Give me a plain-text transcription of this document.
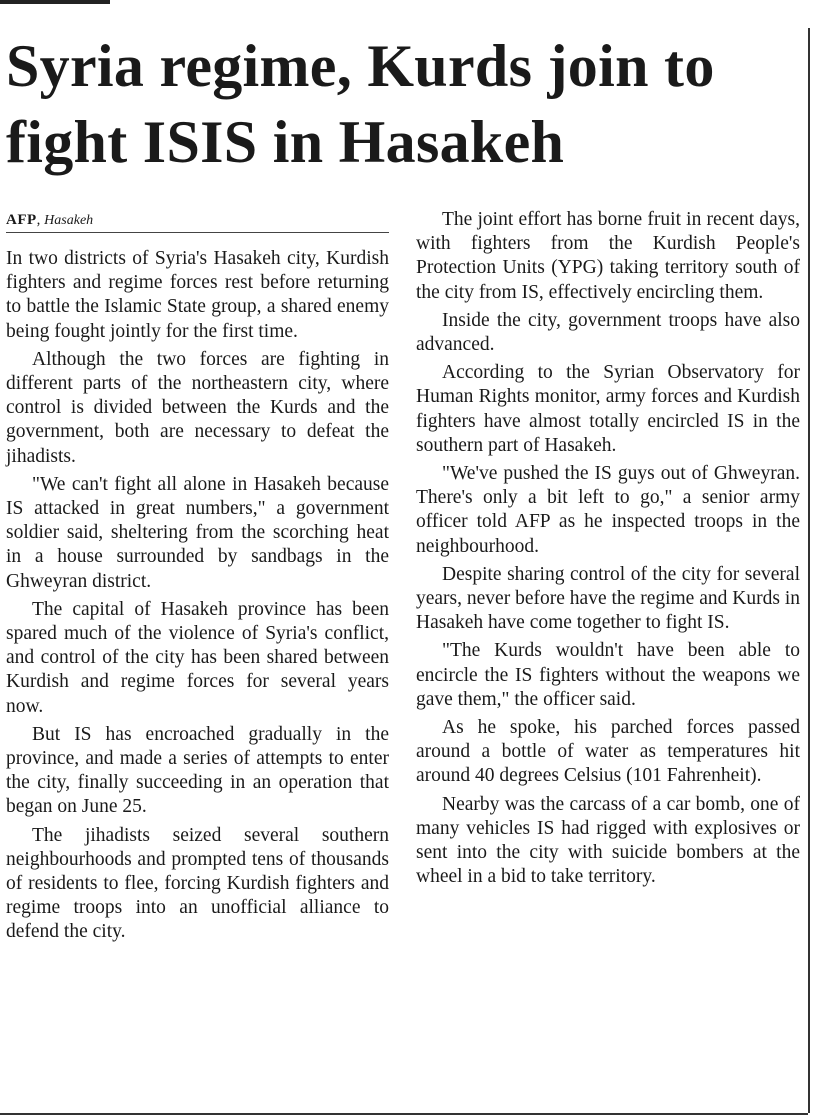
Syria regime, Kurds join to fight ISIS in Hasakeh
AFP, Hasakeh

In two districts of Syria's Hasakeh city, Kurdish fighters and regime forces rest before returning to battle the Islamic State group, a shared enemy being fought jointly for the first time.

Although the two forces are fighting in different parts of the northeastern city, where control is divided between the Kurds and the government, both are necessary to defeat the jihadists.

"We can't fight all alone in Hasakeh because IS attacked in great numbers," a government soldier said, sheltering from the scorching heat in a house surrounded by sandbags in the Ghweyran district.

The capital of Hasakeh province has been spared much of the violence of Syria's conflict, and control of the city has been shared between Kurdish and regime forces for several years now.

But IS has encroached gradually in the province, and made a series of attempts to enter the city, finally succeeding in an operation that began on June 25.

The jihadists seized several southern neighbourhoods and prompted tens of thousands of residents to flee, forcing Kurdish fighters and regime troops into an unofficial alliance to defend the city.

The joint effort has borne fruit in recent days, with fighters from the Kurdish People's Protection Units (YPG) taking territory south of the city from IS, effectively encircling them.

Inside the city, government troops have also advanced.

According to the Syrian Observatory for Human Rights monitor, army forces and Kurdish fighters have almost totally encircled IS in the southern part of Hasakeh.

"We've pushed the IS guys out of Ghweyran. There's only a bit left to go," a senior army officer told AFP as he inspected troops in the neighbourhood.

Despite sharing control of the city for several years, never before have the regime and Kurds in Hasakeh have come together to fight IS.

"The Kurds wouldn't have been able to encircle the IS fighters without the weapons we gave them," the officer said.

As he spoke, his parched forces passed around a bottle of water as temperatures hit around 40 degrees Celsius (101 Fahrenheit).

Nearby was the carcass of a car bomb, one of many vehicles IS had rigged with explosives or sent into the city with suicide bombers at the wheel in a bid to take territory.
